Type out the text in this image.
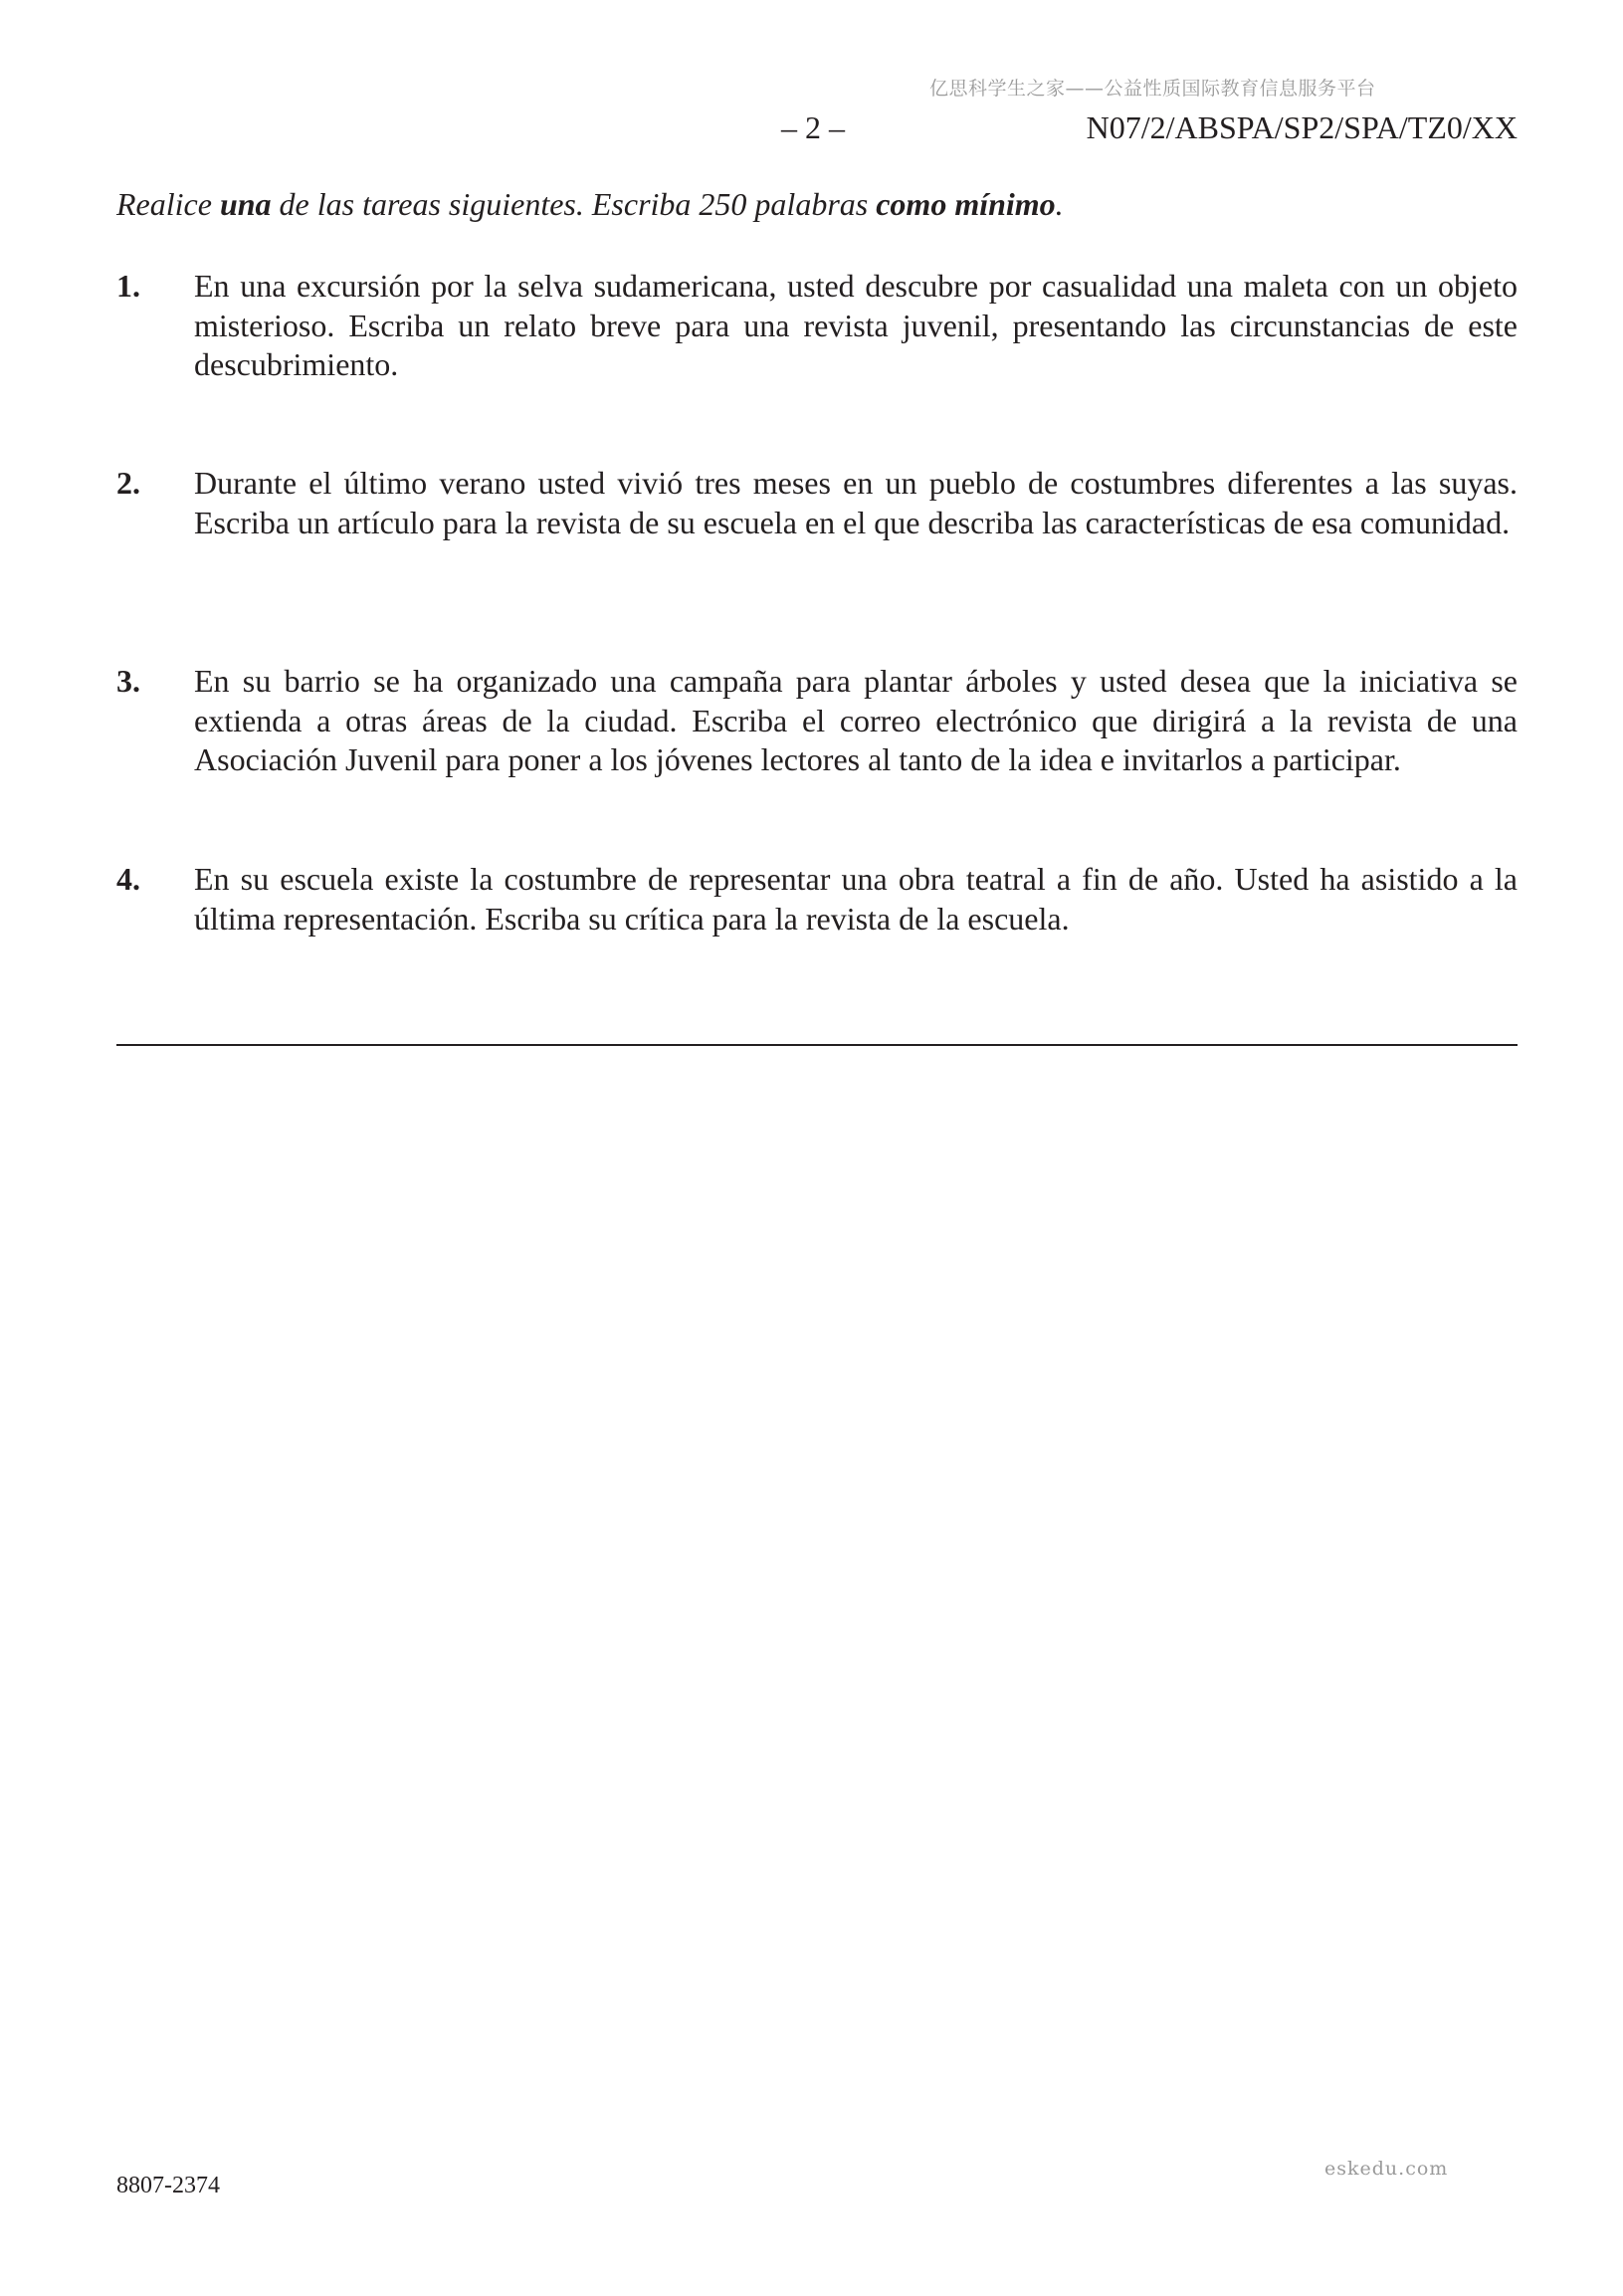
亿思科学生之家——公益性质国际教育信息服务平台
– 2 –	N07/2/ABSPA/SP2/SPA/TZ0/XX
Realice una de las tareas siguientes. Escriba 250 palabras como mínimo.
1. En una excursión por la selva sudamericana, usted descubre por casualidad una maleta con un objeto misterioso. Escriba un relato breve para una revista juvenil, presentando las circunstancias de este descubrimiento.
2. Durante el último verano usted vivió tres meses en un pueblo de costumbres diferentes a las suyas. Escriba un artículo para la revista de su escuela en el que describa las características de esa comunidad.
3. En su barrio se ha organizado una campaña para plantar árboles y usted desea que la iniciativa se extienda a otras áreas de la ciudad. Escriba el correo electrónico que dirigirá a la revista de una Asociación Juvenil para poner a los jóvenes lectores al tanto de la idea e invitarlos a participar.
4. En su escuela existe la costumbre de representar una obra teatral a fin de año. Usted ha asistido a la última representación. Escriba su crítica para la revista de la escuela.
eskedu.com
8807-2374
